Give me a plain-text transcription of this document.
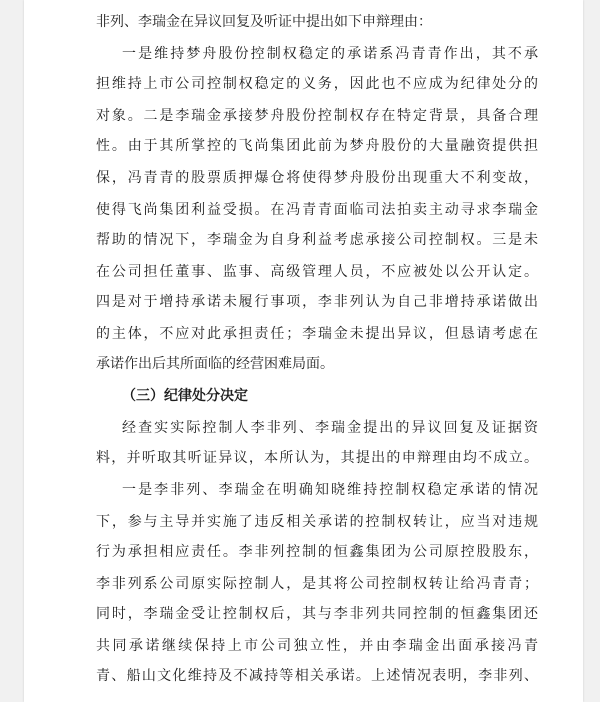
非列、李瑞金在异议回复及听证中提出如下申辩理由：
一是维持梦舟股份控制权稳定的承诺系冯青青作出，其不承
担维持上市公司控制权稳定的义务，因此也不应成为纪律处分的
对象。二是李瑞金承接梦舟股份控制权存在特定背景，具备合理
性。由于其所掌控的飞尚集团此前为梦舟股份的大量融资提供担
保，冯青青的股票质押爆仓将使得梦舟股份出现重大不利变故，
使得飞尚集团利益受损。在冯青青面临司法拍卖主动寻求李瑞金
帮助的情况下，李瑞金为自身利益考虑承接公司控制权。三是未
在公司担任董事、监事、高级管理人员，不应被处以公开认定。
四是对于增持承诺未履行事项，李非列认为自己非增持承诺做出
的主体，不应对此承担责任；李瑞金未提出异议，但恳请考虑在
承诺作出后其所面临的经营困难局面。
（三）纪律处分决定
经查实实际控制人李非列、李瑞金提出的异议回复及证据资
料，并听取其听证异议，本所认为，其提出的申辩理由均不成立。
一是李非列、李瑞金在明确知晓维持控制权稳定承诺的情况
下，参与主导并实施了违反相关承诺的控制权转让，应当对违规
行为承担相应责任。李非列控制的恒鑫集团为公司原控股股东，
李非列系公司原实际控制人，是其将公司控制权转让给冯青青；
同时，李瑞金受让控制权后，其与李非列共同控制的恒鑫集团还
共同承诺继续保持上市公司独立性，并由李瑞金出面承接冯青
青、船山文化维持及不减持等相关承诺。上述情况表明，李非列、
